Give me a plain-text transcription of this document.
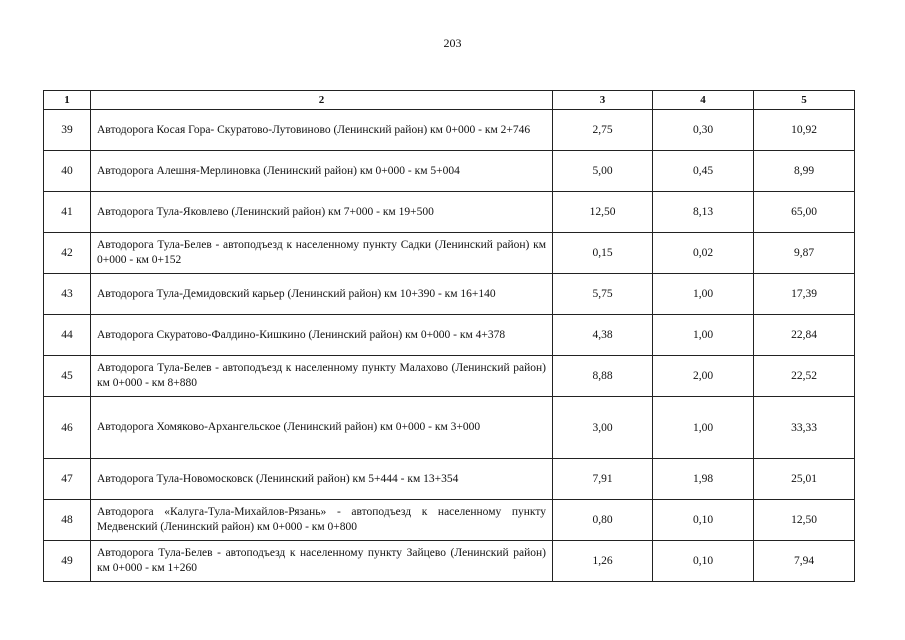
203
1	2	3	4	5
39	Автодорога Косая Гора- Скуратово-Лутовиново (Ленинский район) км 0+000 - км 2+746	2,75	0,30	10,92
40	Автодорога Алешня-Мерлиновка (Ленинский район) км 0+000 - км 5+004	5,00	0,45	8,99
41	Автодорога Тула-Яковлево (Ленинский район) км 7+000 - км 19+500	12,50	8,13	65,00
42	Автодорога Тула-Белев - автоподъезд к населенному пункту Садки (Ленинский район) км 0+000 - км 0+152	0,15	0,02	9,87
43	Автодорога Тула-Демидовский карьер (Ленинский район) км 10+390 - км 16+140	5,75	1,00	17,39
44	Автодорога Скуратово-Фалдино-Кишкино (Ленинский район) км 0+000 - км 4+378	4,38	1,00	22,84
45	Автодорога Тула-Белев - автоподъезд к населенному пункту Малахово (Ленинский район) км 0+000 - км 8+880	8,88	2,00	22,52
46	Автодорога Хомяково-Архангельское (Ленинский район) км 0+000 - км 3+000	3,00	1,00	33,33
47	Автодорога Тула-Новомосковск (Ленинский район) км 5+444 - км 13+354	7,91	1,98	25,01
48	Автодорога «Калуга-Тула-Михайлов-Рязань» - автоподъезд к населенному пункту Медвенский (Ленинский район) км 0+000 - км 0+800	0,80	0,10	12,50
49	Автодорога Тула-Белев - автоподъезд к населенному пункту Зайцево (Ленинский район) км 0+000 - км 1+260	1,26	0,10	7,94
